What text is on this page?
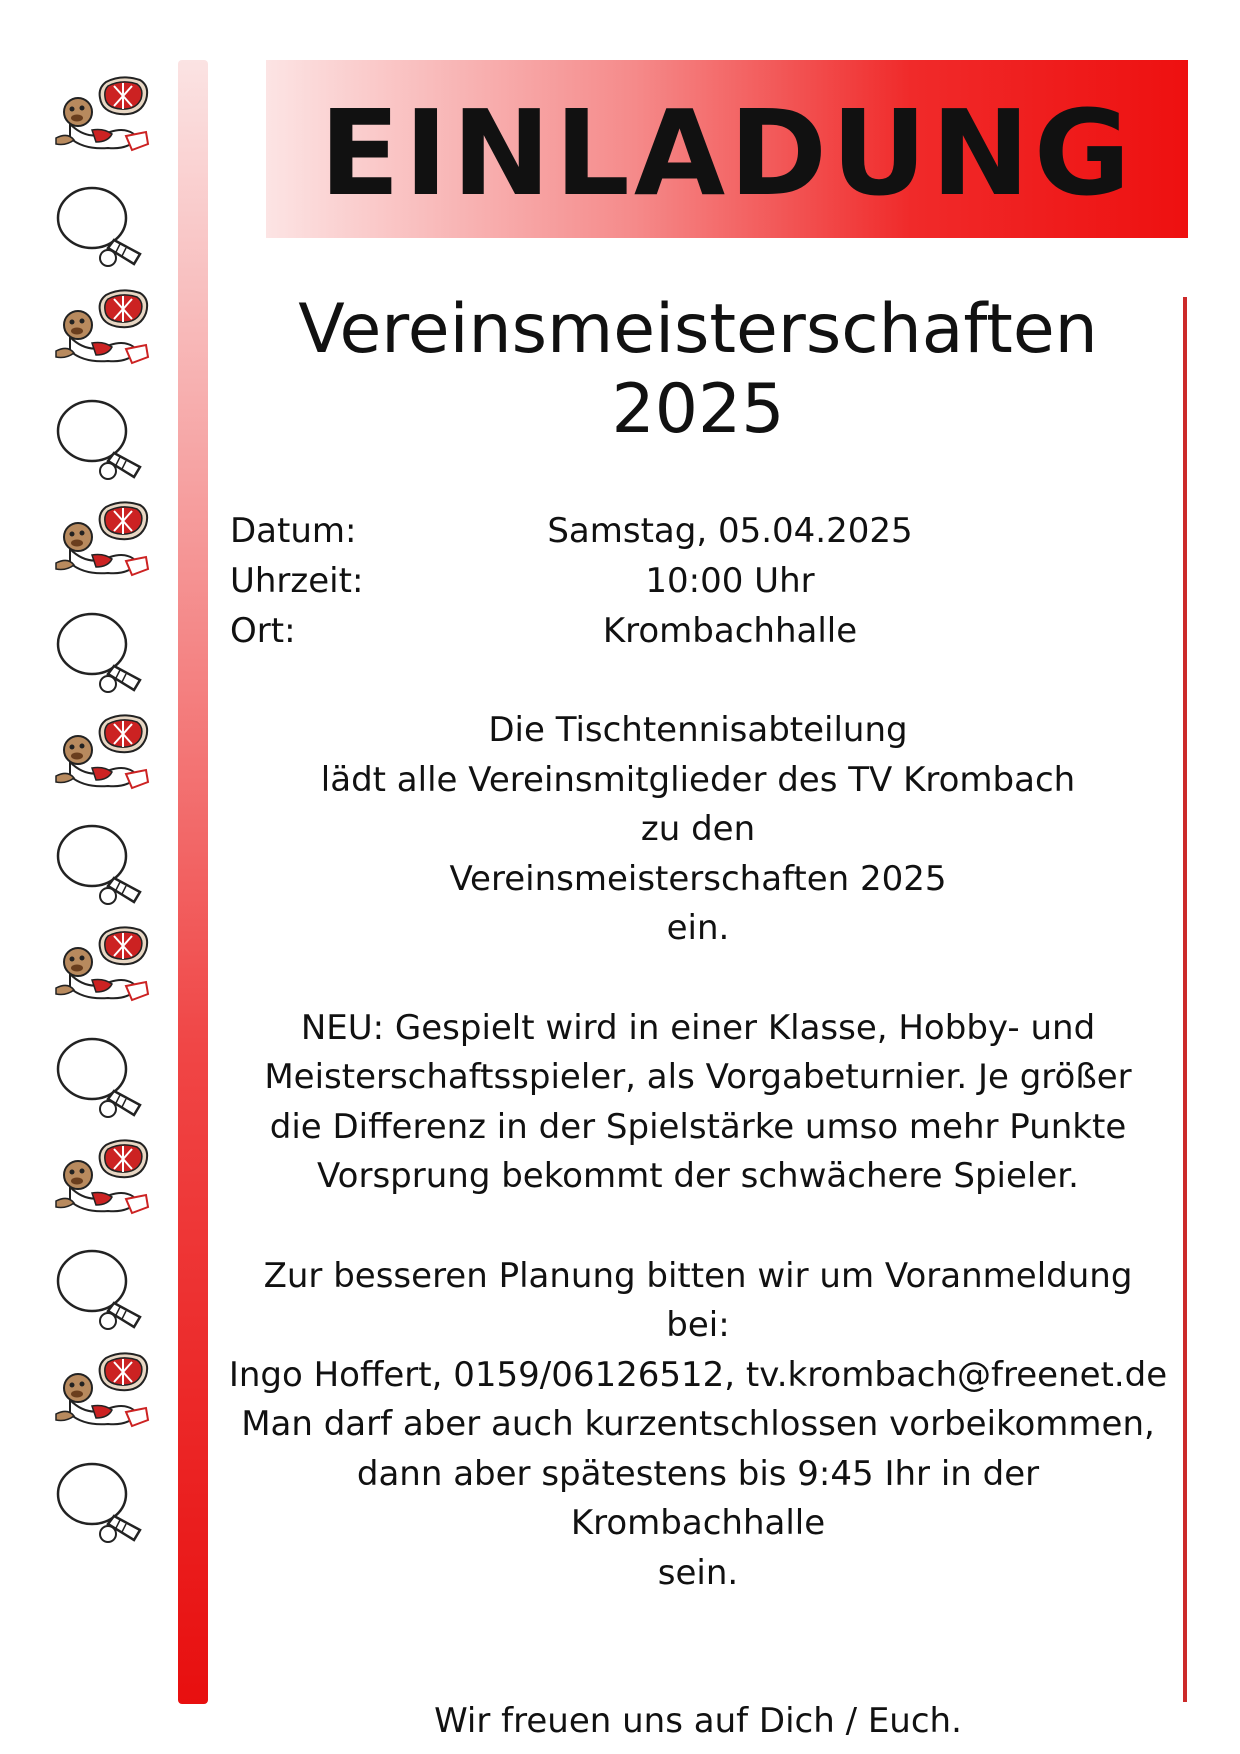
EINLADUNG

Vereinsmeisterschaften

2025

Datum:	Samstag, 05.04.2025
Uhrzeit:	10:00 Uhr
Ort:	Krombachhalle

Die Tischtennisabteilung

lädt alle Vereinsmitglieder des TV Krombach

zu den

Vereinsmeisterschaften 2025

ein.

NEU: Gespielt wird in einer Klasse, Hobby- und

Meisterschaftsspieler, als Vorgabeturnier. Je größer

die Differenz in der Spielstärke umso mehr Punkte

Vorsprung bekommt der schwächere Spieler.

Zur besseren Planung bitten wir um Voranmeldung bei:

Ingo Hoffert, 0159/06126512, tv.krombach@freenet.de

Man darf aber auch kurzentschlossen vorbeikommen,

dann aber spätestens bis 9:45 Ihr in der Krombachhalle

sein.

Wir freuen uns auf Dich / Euch.
